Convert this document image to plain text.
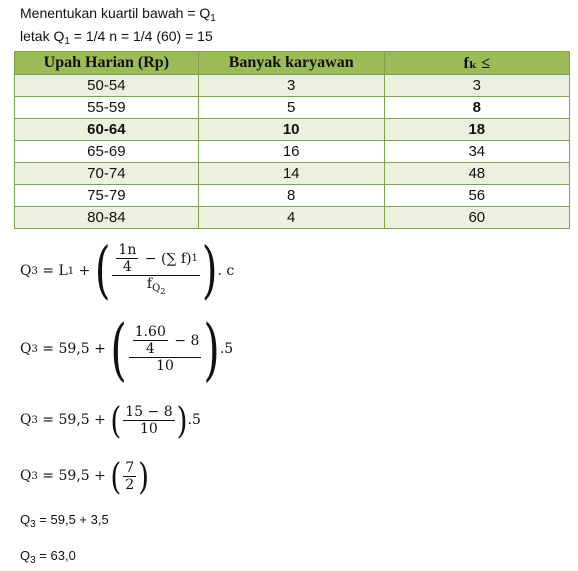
Menentukan kuartil bawah = $Q_1$
letak $Q_1 = 1/4$ n = 1/4 (60) = 15
Upah Harian (Rp)	Banyak karyawan	fₖ ≤
50-54	3	3
55-59	5	8
60-64	10	18
65-69	16	34
70-74	14	48
75-79	8	56
80-84	4	60
Q 3 = L 1 + ( $\frac{\frac{1n}{4} - (\sum f) 1}{f_{Q2}}$ ) . c
Q 3 = 59,5 + ( $\frac{\frac{1.60}{4} - 8}{10}$ ) .5
Q 3 = 59,5 + ( $\frac{15 - 8}{10}$ ) .5
Q 3 = 59,5 + ( $\frac{7}{2}$ )
$Q_3 = 59,5 + 3,5$
$Q_3 = 63,0$
